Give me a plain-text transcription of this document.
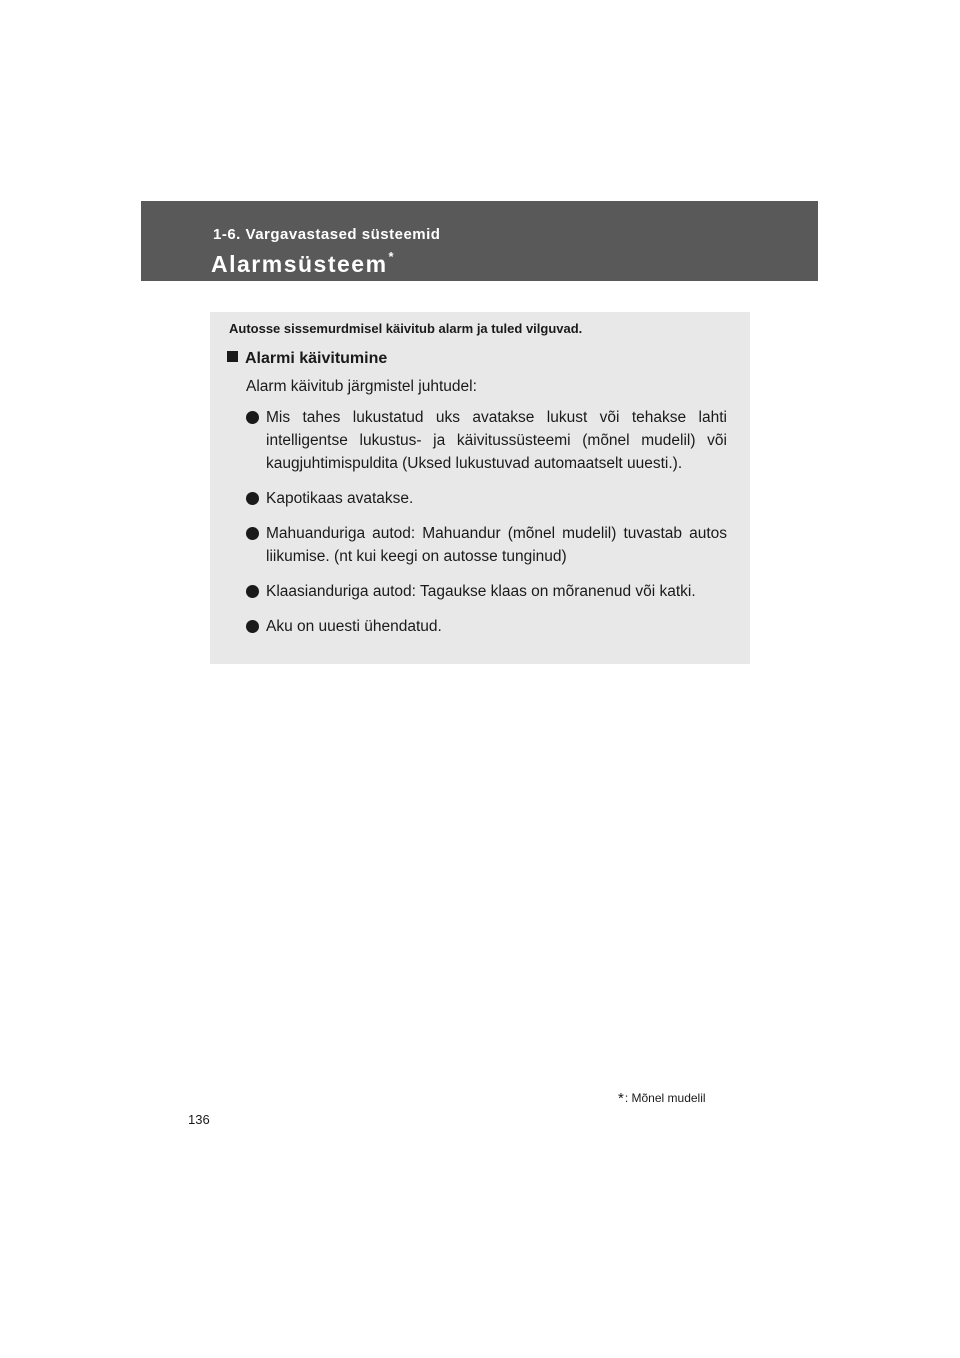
1-6. Vargavastased süsteemid
Alarmsüsteem*
Autosse sissemurdmisel käivitub alarm ja tuled vilguvad.
Alarmi käivitumine
Alarm käivitub järgmistel juhtudel:
Mis tahes lukustatud uks avatakse lukust või tehakse lahti intelligentse lukustus- ja käivitussüsteemi (mõnel mudelil) või kaugjuhtimispuldita (Uksed lukustuvad automaatselt uuesti.).
Kapotikaas avatakse.
Mahuanduriga autod: Mahuandur (mõnel mudelil) tuvastab autos liikumise. (nt kui keegi on autosse tunginud)
Klaasianduriga autod: Tagaukse klaas on mõranenud või katki.
Aku on uuesti ühendatud.
*: Mõnel mudelil
136
